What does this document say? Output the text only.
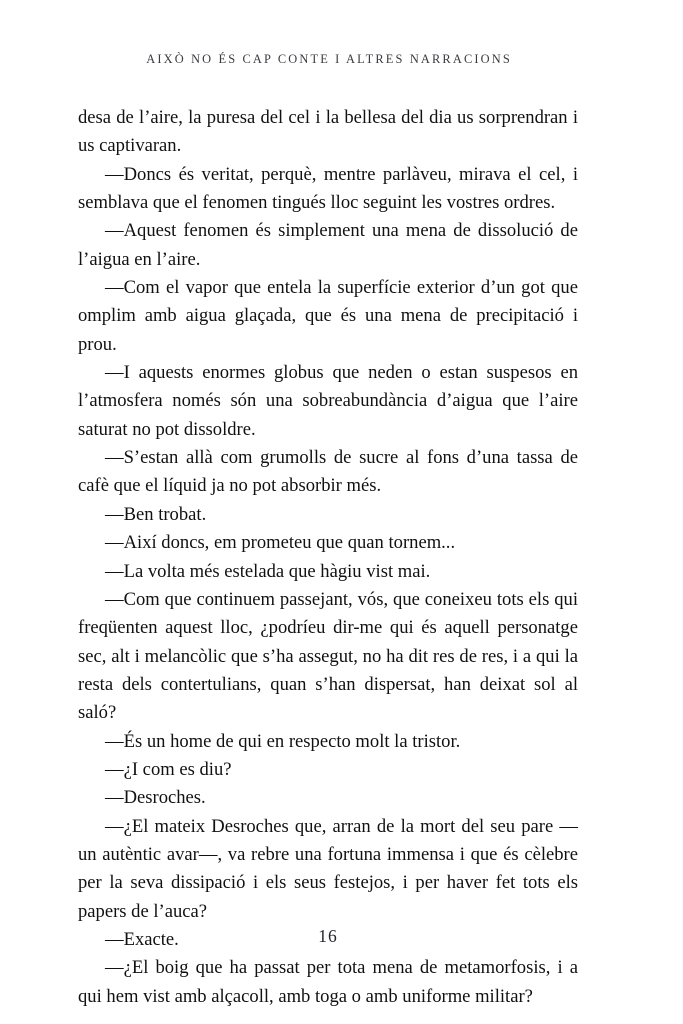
AIXÒ NO ÉS CAP CONTE I ALTRES NARRACIONS

desa de l’aire, la puresa del cel i la bellesa del dia us sorprendran i us captivaran.

—Doncs és veritat, perquè, mentre parlàveu, mirava el cel, i semblava que el fenomen tingués lloc seguint les vostres ordres.

—Aquest fenomen és simplement una mena de dissolució de l’aigua en l’aire.

—Com el vapor que entela la superfície exterior d’un got que omplim amb aigua glaçada, que és una mena de precipitació i prou.

—I aquests enormes globus que neden o estan suspesos en l’atmosfera només són una sobreabundància d’aigua que l’aire saturat no pot dissoldre.

—S’estan allà com grumolls de sucre al fons d’una tassa de cafè que el líquid ja no pot absorbir més.

—Ben trobat.

—Així doncs, em prometeu que quan tornem...

—La volta més estelada que hàgiu vist mai.

—Com que continuem passejant, vós, que coneixeu tots els qui freqüenten aquest lloc, ¿podríeu dir-me qui és aquell personatge sec, alt i melancòlic que s’ha assegut, no ha dit res de res, i a qui la resta dels contertulians, quan s’han dispersat, han deixat sol al saló?

—És un home de qui en respecto molt la tristor.

—¿I com es diu?

—Desroches.

—¿El mateix Desroches que, arran de la mort del seu pare —un autèntic avar—, va rebre una fortuna immensa i que és cèlebre per la seva dissipació i els seus festejos, i per haver fet tots els papers de l’auca?

—Exacte.

—¿El boig que ha passat per tota mena de metamorfosis, i a qui hem vist amb alçacoll, amb toga o amb uniforme militar?

16
